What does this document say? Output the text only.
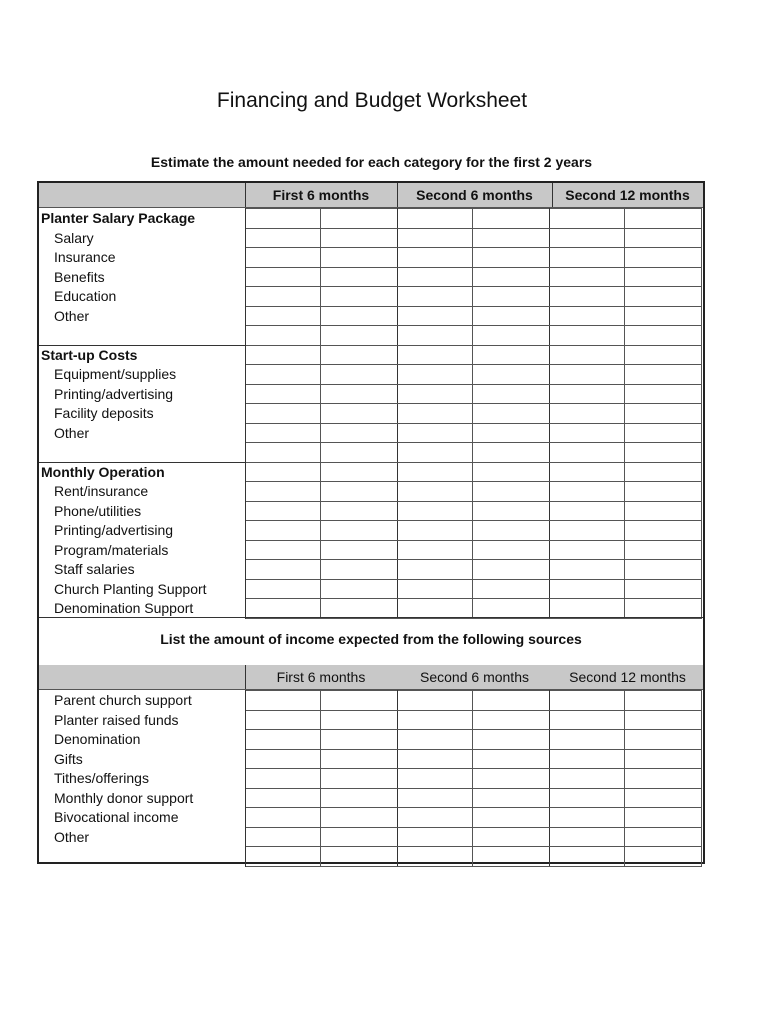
Financing and Budget Worksheet
Estimate the amount needed for each category for the first 2 years
First 6 months	Second 6 months	Second 12 months
Planter Salary Package						
Salary						
Insurance						
Benefits						
Education						
Other						

Start-up Costs						
Equipment/supplies						
Printing/advertising						
Facility deposits						
Other						

Monthly Operation						
Rent/insurance						
Phone/utilities						
Printing/advertising						
Program/materials						
Staff salaries						
Church Planting Support						
Denomination Support						
List the amount of income expected from the following sources
First 6 months	Second 6 months	Second 12 months
Parent church support						
Planter raised funds						
Denomination						
Gifts						
Tithes/offerings						
Monthly donor support						
Bivocational income						
Other						
